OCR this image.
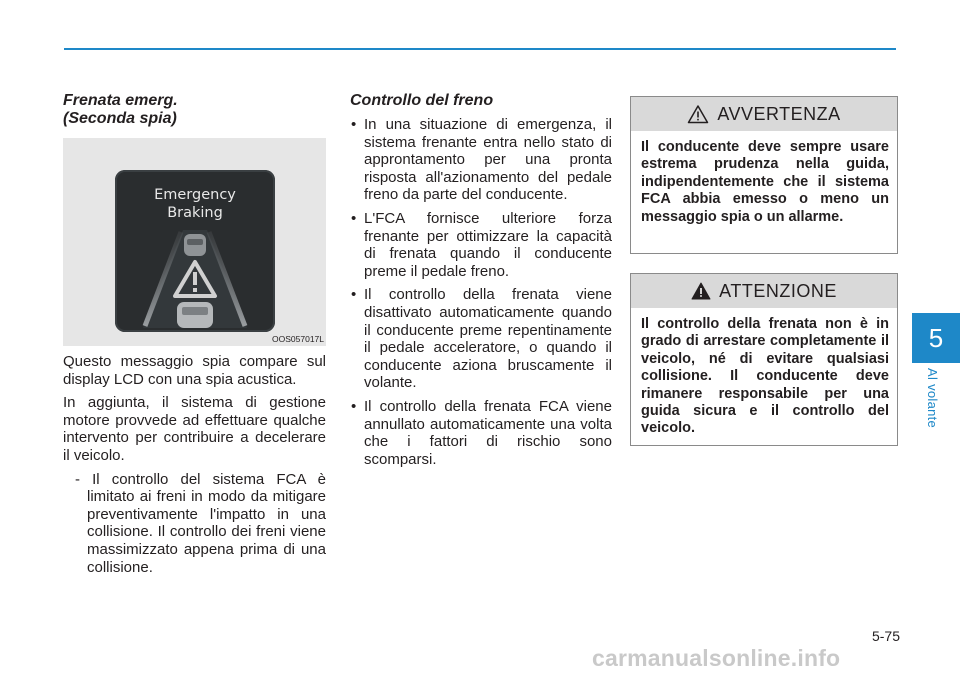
Frenata emerg.
(Seconda spia)
Emergency
Braking
OOS057017L

Questo messaggio spia compare sul display LCD con una spia acustica.

In aggiunta, il sistema di gestione motore provvede ad effettuare qualche intervento per contribuire a decelerare il veicolo.

- Il controllo del sistema FCA è limitato ai freni in modo da mitigare preventivamente l'impatto in una collisione. Il controllo dei freni viene massimizzato appena prima di una collisione.

Controllo del freno
• In una situazione di emergenza, il sistema frenante entra nello stato di approntamento per una pronta risposta all'azionamento del pedale freno da parte del conducente.
• L'FCA fornisce ulteriore forza frenante per ottimizzare la capacità di frenata quando il conducente preme il pedale freno.
• Il controllo della frenata viene disattivato automaticamente quando il conducente preme repentinamente il pedale acceleratore, o quando il conducente aziona bruscamente il volante.
• Il controllo della frenata FCA viene annullato automaticamente una volta che i fattori di rischio sono scomparsi.
AVVERTENZA
Il conducente deve sempre usare estrema prudenza nella guida, indipendentemente che il sistema FCA abbia emesso o meno un messaggio spia o un allarme.
ATTENZIONE
Il controllo della frenata non è in grado di arrestare completamente il veicolo, né di evitare qualsiasi collisione. Il conducente deve rimanere responsabile per una guida sicura e il controllo del veicolo.
5
Al volante
5-75
carmanualsonline.info
